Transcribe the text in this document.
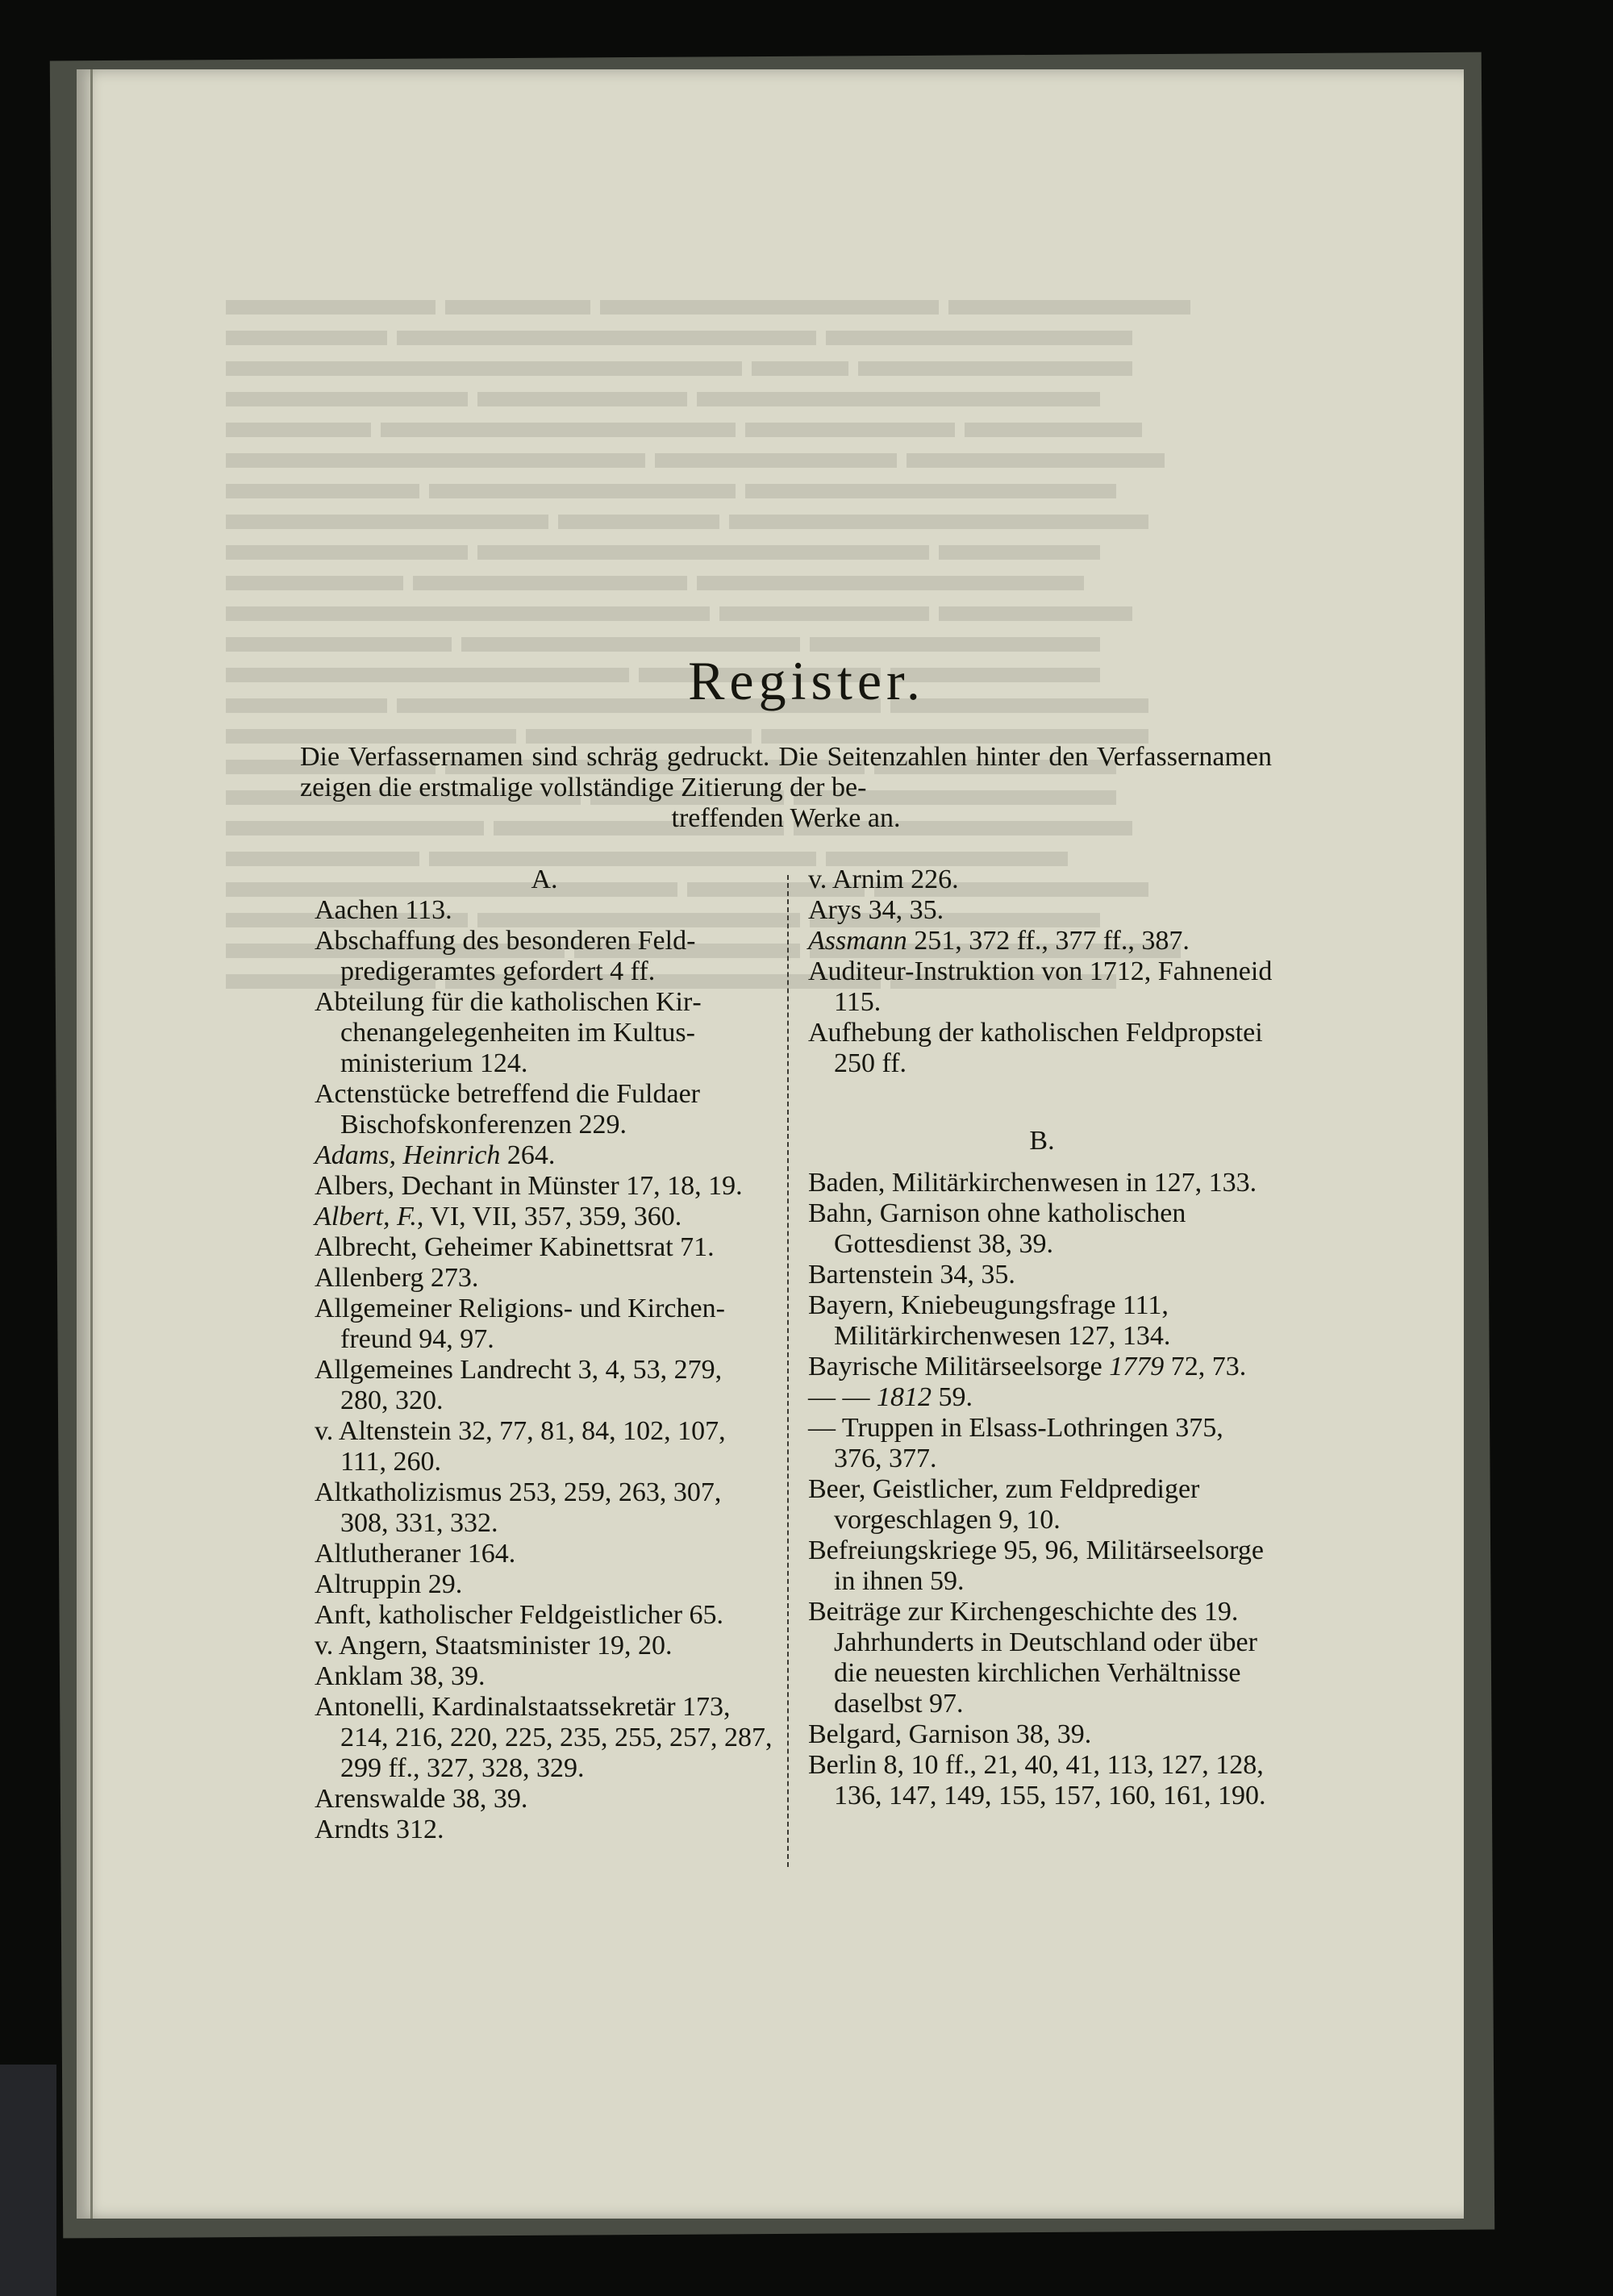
Register.

Die Verfassernamen sind schräg gedruckt. Die Seitenzahlen hinter den Verfassernamen zeigen die erstmalige vollständige Zitierung der be-
treffenden Werke an.

A.
Aachen 113.
Abschaffung des besonderen Feldpredigeramtes gefordert 4 ff.
Abteilung für die katholischen Kirchenangelegenheiten im Kultusministerium 124.
Actenstücke betreffend die Fuldaer Bischofskonferenzen 229.
Adams, Heinrich 264.
Albers, Dechant in Münster 17, 18, 19.
Albert, F., VI, VII, 357, 359, 360.
Albrecht, Geheimer Kabinettsrat 71.
Allenberg 273.
Allgemeiner Religions- und Kirchenfreund 94, 97.
Allgemeines Landrecht 3, 4, 53, 279, 280, 320.
v. Altenstein 32, 77, 81, 84, 102, 107, 111, 260.
Altkatholizismus 253, 259, 263, 307, 308, 331, 332.
Altlutheraner 164.
Altruppin 29.
Anft, katholischer Feldgeistlicher 65.
v. Angern, Staatsminister 19, 20.
Anklam 38, 39.
Antonelli, Kardinalstaatssekretär 173, 214, 216, 220, 225, 235, 255, 257, 287, 299 ff., 327, 328, 329.
Arenswalde 38, 39.
Arndts 312.
v. Arnim 226.
Arys 34, 35.
Assmann 251, 372 ff., 377 ff., 387.
Auditeur-Instruktion von 1712, Fahneneid 115.
Aufhebung der katholischen Feldpropstei 250 ff.
B.
Baden, Militärkirchenwesen in 127, 133.
Bahn, Garnison ohne katholischen Gottesdienst 38, 39.
Bartenstein 34, 35.
Bayern, Kniebeugungsfrage 111, Militärkirchenwesen 127, 134.
Bayrische Militärseelsorge 1779 72, 73.
— — 1812 59.
— Truppen in Elsass-Lothringen 375, 376, 377.
Beer, Geistlicher, zum Feldprediger vorgeschlagen 9, 10.
Befreiungskriege 95, 96, Militärseelsorge in ihnen 59.
Beiträge zur Kirchengeschichte des 19. Jahrhunderts in Deutschland oder über die neuesten kirchlichen Verhältnisse daselbst 97.
Belgard, Garnison 38, 39.
Berlin 8, 10 ff., 21, 40, 41, 113, 127, 128, 136, 147, 149, 155, 157, 160, 161, 190.
